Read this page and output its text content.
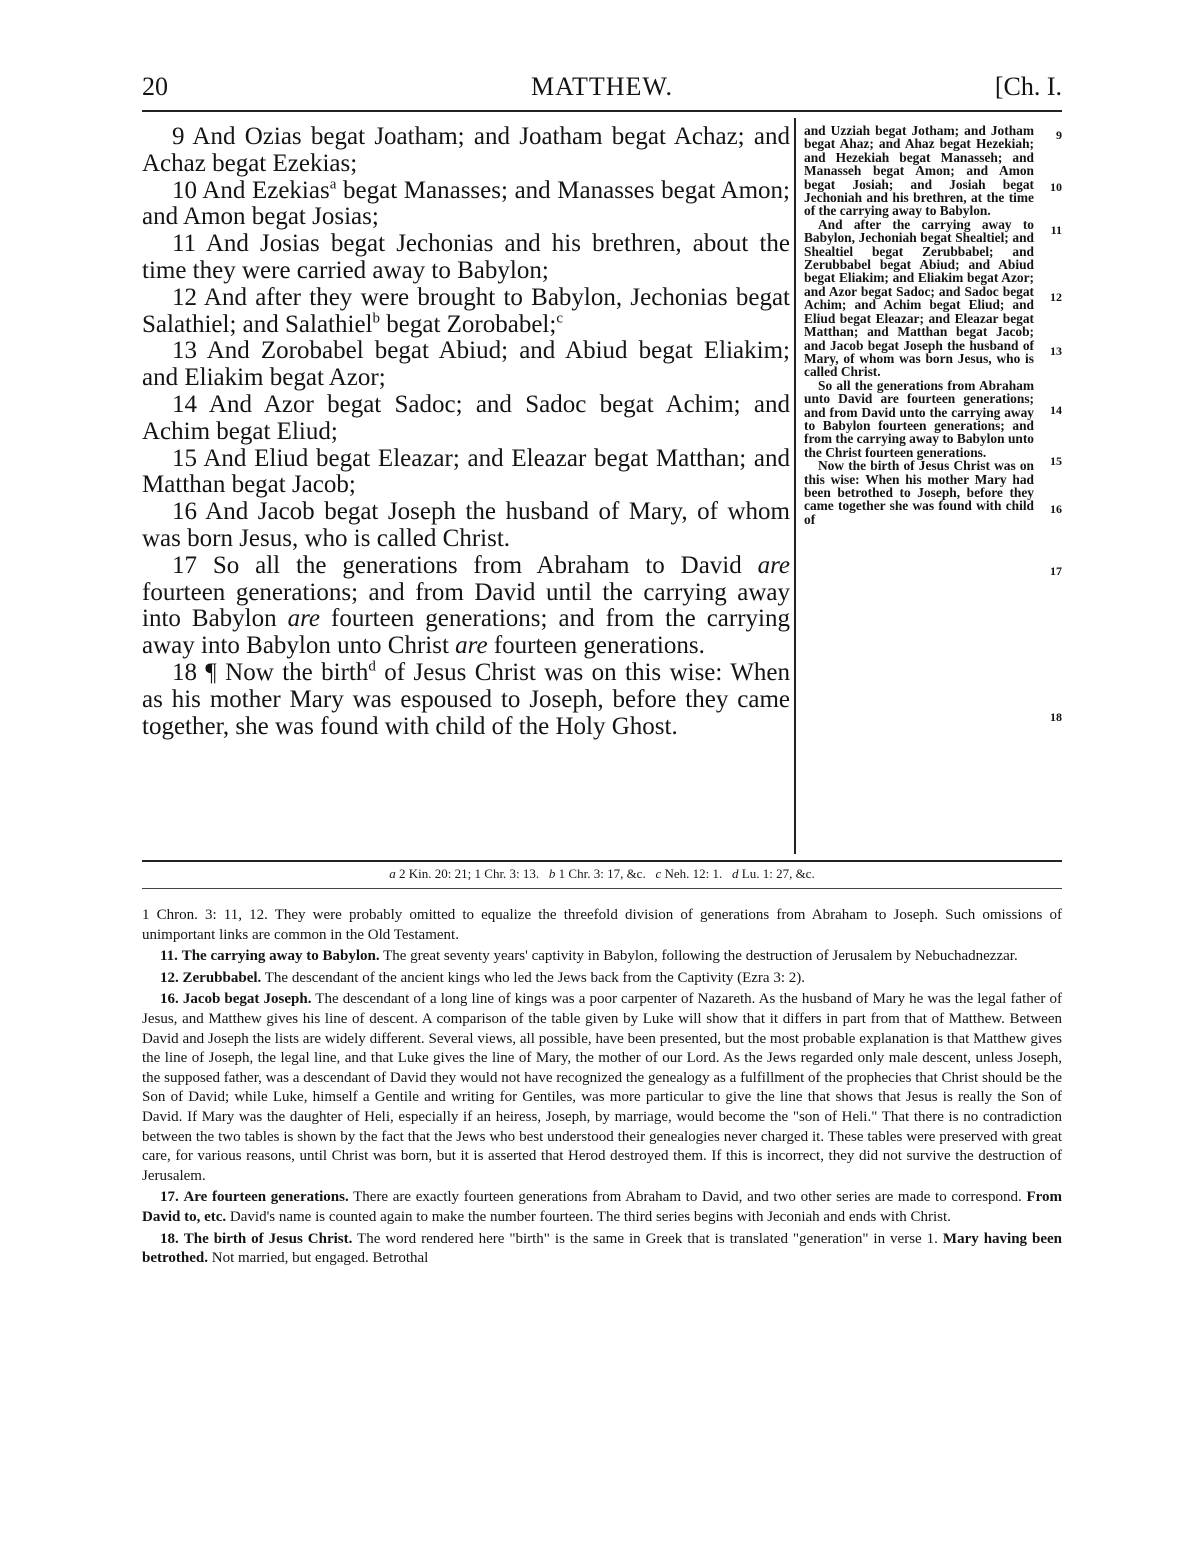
20	MATTHEW.	[Ch. I.

9 And Ozias begat Joatham; and Joatham begat Achaz; and Achaz begat Ezekias;

10 And Ezekias$^a$ begat Manasses; and Manasses begat Amon; and Amon begat Josias;

11 And Josias begat Jechonias and his brethren, about the time they were carried away to Babylon;

12 And after they were brought to Babylon, Jechonias begat Salathiel; and Salathiel$^b$ begat Zorobabel;$^c$

13 And Zorobabel begat Abiud; and Abiud begat Eliakim; and Eliakim begat Azor;

14 And Azor begat Sadoc; and Sadoc begat Achim; and Achim begat Eliud;

15 And Eliud begat Eleazar; and Eleazar begat Matthan; and Matthan begat Jacob;

16 And Jacob begat Joseph the husband of Mary, of whom was born Jesus, who is called Christ.

17 So all the generations from Abraham to David are fourteen generations; and from David until the carrying away into Babylon are fourteen generations; and from the carrying away into Babylon unto Christ are fourteen generations.

18 ¶ Now the birth$^d$ of Jesus Christ was on this wise: When as his mother Mary was espoused to Joseph, before they came together, she was found with child of the Holy Ghost.

and Uzziah begat Jotham; and Jotham begat Ahaz; and Ahaz begat Hezekiah; and Hezekiah begat Manasseh; and Manasseh begat Amon; and Amon begat Josiah; and Josiah begat Jechoniah and his brethren, at the time of the carrying away to Babylon.

And after the carrying away to Babylon, Jechoniah begat Shealtiel; and Shealtiel begat Zerubbabel; and Zerubbabel begat Abiud; and Abiud begat Eliakim; and Eliakim begat Azor; and Azor begat Sadoc; and Sadoc begat Achim; and Achim begat Eliud; and Eliud begat Eleazar; and Eleazar begat Matthan; and Matthan begat Jacob; and Jacob begat Joseph the husband of Mary, of whom was born Jesus, who is called Christ.

So all the generations from Abraham unto David are fourteen generations; and from David unto the carrying away to Babylon fourteen generations; and from the carrying away to Babylon unto the Christ fourteen generations.

Now the birth of Jesus Christ was on this wise: When his mother Mary had been betrothed to Joseph, before they came together she was found with child of

9
10
11
12
13
14
15
16
17
18
a 2 Kin. 20: 21; 1 Chr. 3: 13. b 1 Chr. 3: 17, &c. c Neh. 12: 1. d Lu. 1: 27, &c.

1 Chron. 3: 11, 12. They were probably omitted to equalize the threefold division of generations from Abraham to Joseph. Such omissions of unimportant links are common in the Old Testament.

11. The carrying away to Babylon. The great seventy years' captivity in Babylon, following the destruction of Jerusalem by Nebuchadnezzar.

12. Zerubbabel. The descendant of the ancient kings who led the Jews back from the Captivity (Ezra 3: 2).

16. Jacob begat Joseph. The descendant of a long line of kings was a poor carpenter of Nazareth. As the husband of Mary he was the legal father of Jesus, and Matthew gives his line of descent. A comparison of the table given by Luke will show that it differs in part from that of Matthew. Between David and Joseph the lists are widely different. Several views, all possible, have been presented, but the most probable explanation is that Matthew gives the line of Joseph, the legal line, and that Luke gives the line of Mary, the mother of our Lord. As the Jews regarded only male descent, unless Joseph, the supposed father, was a descendant of David they would not have recognized the genealogy as a fulfillment of the prophecies that Christ should be the Son of David; while Luke, himself a Gentile and writing for Gentiles, was more particular to give the line that shows that Jesus is really the Son of David. If Mary was the daughter of Heli, especially if an heiress, Joseph, by marriage, would become the "son of Heli." That there is no contradiction between the two tables is shown by the fact that the Jews who best understood their genealogies never charged it. These tables were preserved with great care, for various reasons, until Christ was born, but it is asserted that Herod destroyed them. If this is incorrect, they did not survive the destruction of Jerusalem.

17. Are fourteen generations. There are exactly fourteen generations from Abraham to David, and two other series are made to correspond. From David to, etc. David's name is counted again to make the number fourteen. The third series begins with Jeconiah and ends with Christ.

18. The birth of Jesus Christ. The word rendered here "birth" is the same in Greek that is translated "generation" in verse 1. Mary having been betrothed. Not married, but engaged. Betrothal
